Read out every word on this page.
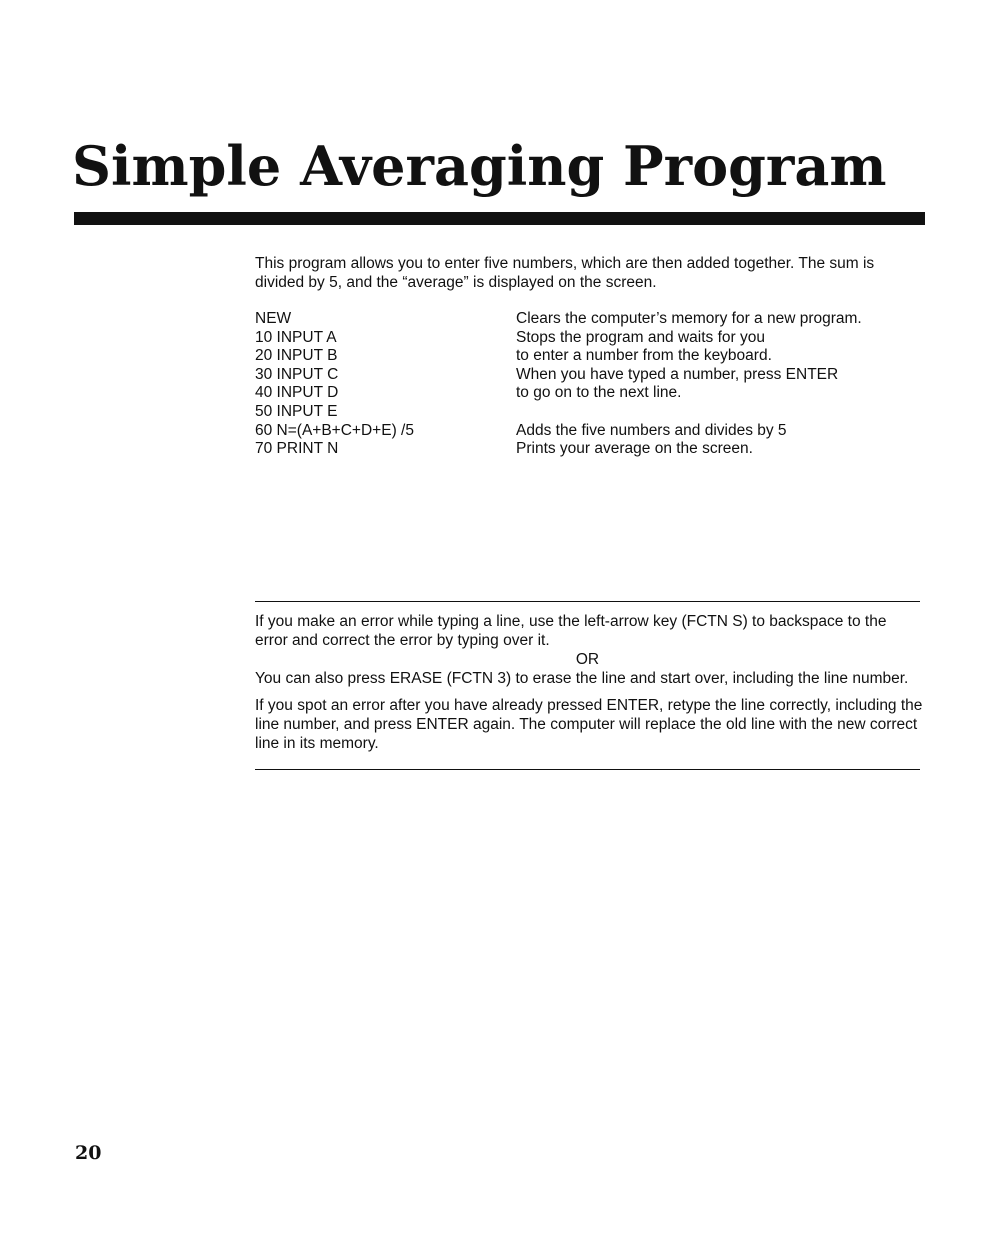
Simple Averaging Program

This program allows you to enter five numbers, which are then added together. The sum is divided by 5, and the “average” is displayed on the screen.

NEW	Clears the computer’s memory for a new program.
10 INPUT A	Stops the program and waits for you
20 INPUT B	to enter a number from the keyboard.
30 INPUT C	When you have typed a number, press ENTER
40 INPUT D	to go on to the next line.
50 INPUT E
60 N=(A+B+C+D+E) /5	Adds the five numbers and divides by 5
70 PRINT N	Prints your average on the screen.

If you make an error while typing a line, use the left-arrow key (FCTN S) to backspace to the error and correct the error by typing over it.

OR

You can also press ERASE (FCTN 3) to erase the line and start over, including the line number.

If you spot an error after you have already pressed ENTER, retype the line correctly, including the line number, and press ENTER again. The computer will replace the old line with the new correct line in its memory.

20
